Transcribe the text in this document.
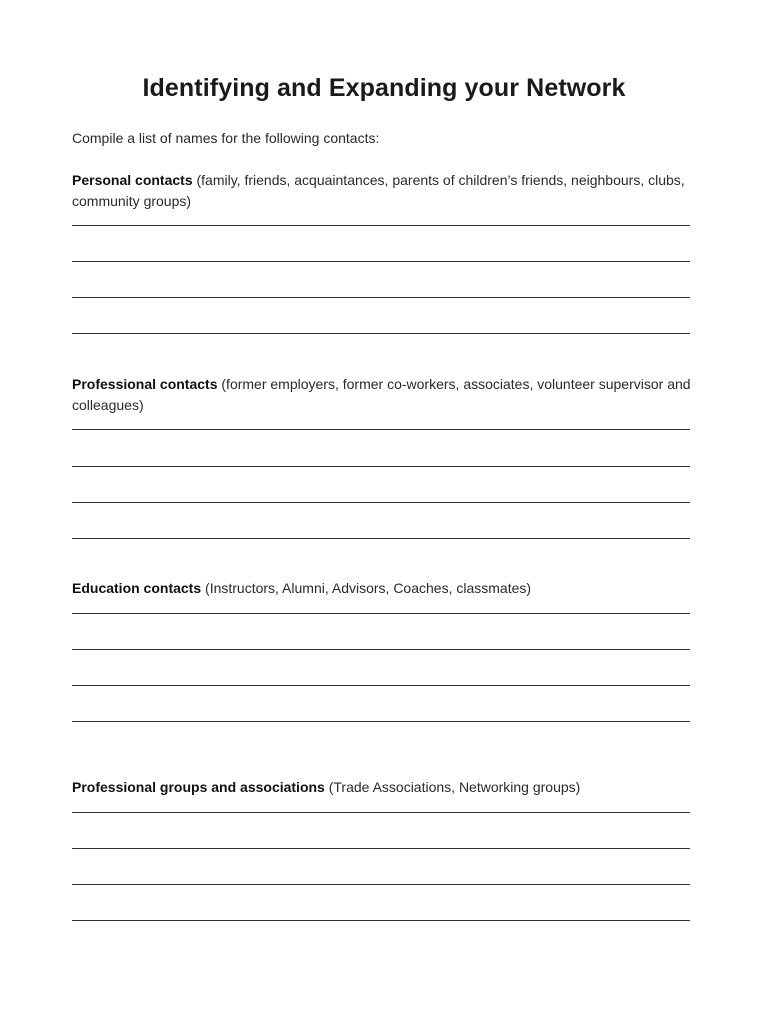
Identifying and Expanding your Network
Compile a list of names for the following contacts:
Personal contacts (family, friends, acquaintances, parents of children’s friends, neighbours, clubs, community groups)
Professional contacts (former employers, former co-workers, associates, volunteer supervisor and colleagues)
Education contacts (Instructors, Alumni, Advisors, Coaches, classmates)
Professional groups and associations (Trade Associations, Networking groups)
